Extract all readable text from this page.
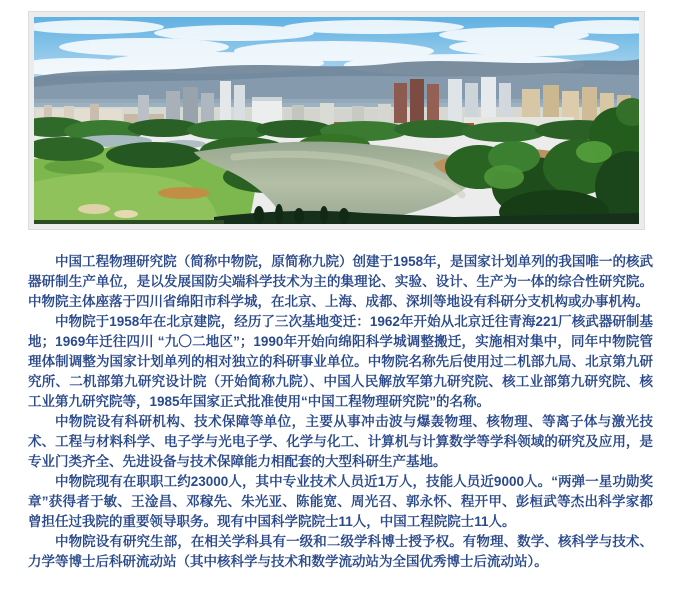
中国工程物理研究院（简称中物院，原简称九院）创建于1958年，是国家计划单列的我国唯一的核武器研制生产单位，是以发展国防尖端科学技术为主的集理论、实验、设计、生产为一体的综合性研究院。中物院主体座落于四川省绵阳市科学城，在北京、上海、成都、深圳等地设有科研分支机构或办事机构。

中物院于1958年在北京建院，经历了三次基地变迁：1962年开始从北京迁往青海221厂核武器研制基地；1969年迁往四川 “九〇二地区”；1990年开始向绵阳科学城调整搬迁，实施相对集中，同年中物院管理体制调整为国家计划单列的相对独立的科研事业单位。中物院名称先后使用过二机部九局、北京第九研究所、二机部第九研究设计院（开始简称九院）、中国人民解放军第九研究院、核工业部第九研究院、核工业第九研究院等，1985年国家正式批准使用“中国工程物理研究院”的名称。

中物院设有科研机构、技术保障等单位，主要从事冲击波与爆轰物理、核物理、等离子体与激光技术、工程与材料科学、电子学与光电子学、化学与化工、计算机与计算数学等学科领域的研究及应用，是专业门类齐全、先进设备与技术保障能力相配套的大型科研生产基地。

中物院现有在职职工约23000人，其中专业技术人员近1万人，技能人员近9000人。“两弹一星功勋奖章”获得者于敏、王淦昌、邓稼先、朱光亚、陈能宽、周光召、郭永怀、程开甲、彭桓武等杰出科学家都曾担任过我院的重要领导职务。现有中国科学院院士11人，中国工程院院士11人。

中物院设有研究生部，在相关学科具有一级和二级学科博士授予权。有物理、数学、核科学与技术、力学等博士后科研流动站（其中核科学与技术和数学流动站为全国优秀博士后流动站）。
